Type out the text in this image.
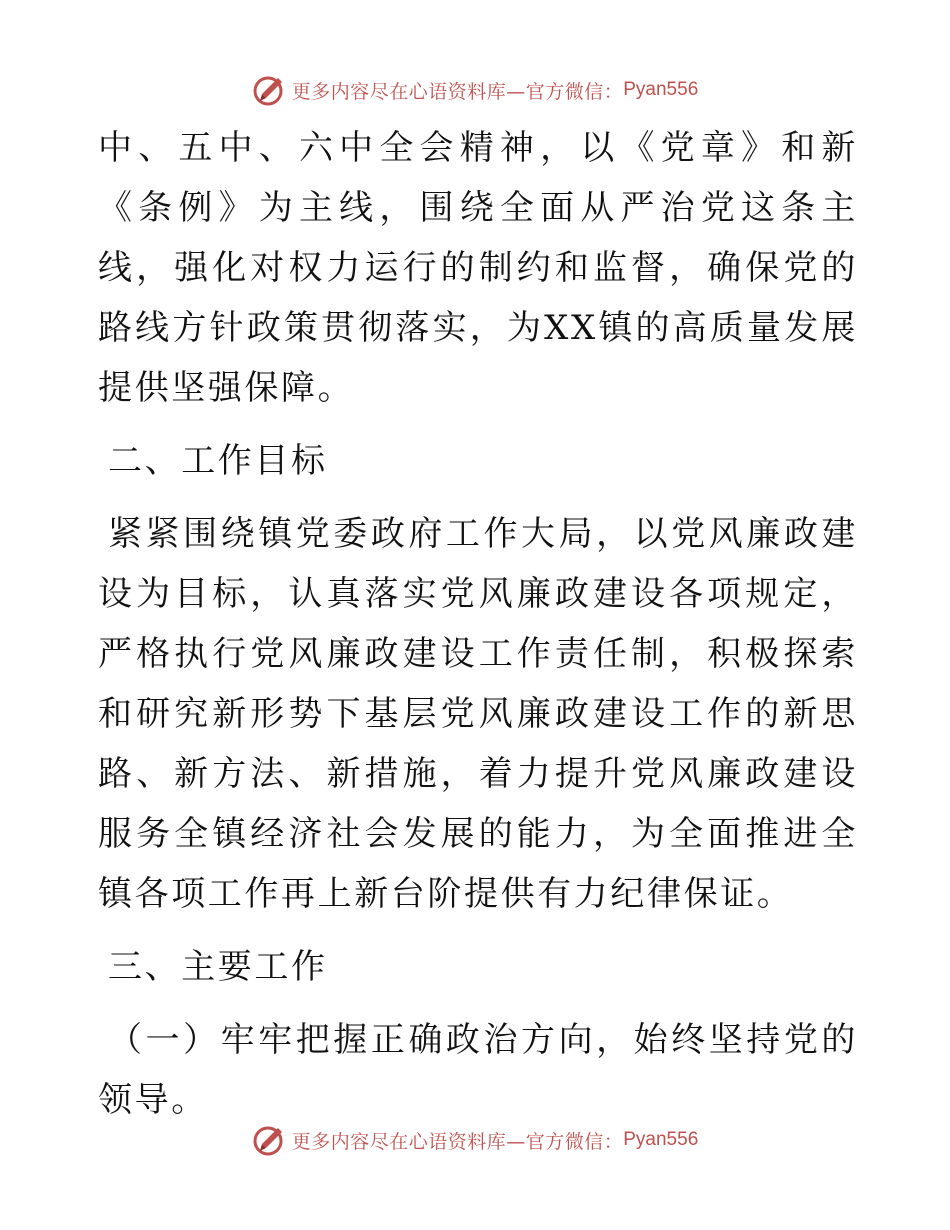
更多内容尽在心语资料库—官方微信： Pyan556

中、五中、六中全会精神，以《党章》和新《条例》为主线，围绕全面从严治党这条主线，强化对权力运行的制约和监督，确保党的路线方针政策贯彻落实，为XX镇的高质量发展提供坚强保障。

二、工作目标

紧紧围绕镇党委政府工作大局，以党风廉政建设为目标，认真落实党风廉政建设各项规定，严格执行党风廉政建设工作责任制，积极探索和研究新形势下基层党风廉政建设工作的新思路、新方法、新措施，着力提升党风廉政建设服务全镇经济社会发展的能力，为全面推进全镇各项工作再上新台阶提供有力纪律保证。

三、主要工作

（一）牢牢把握正确政治方向，始终坚持党的领导。

更多内容尽在心语资料库—官方微信： Pyan556
